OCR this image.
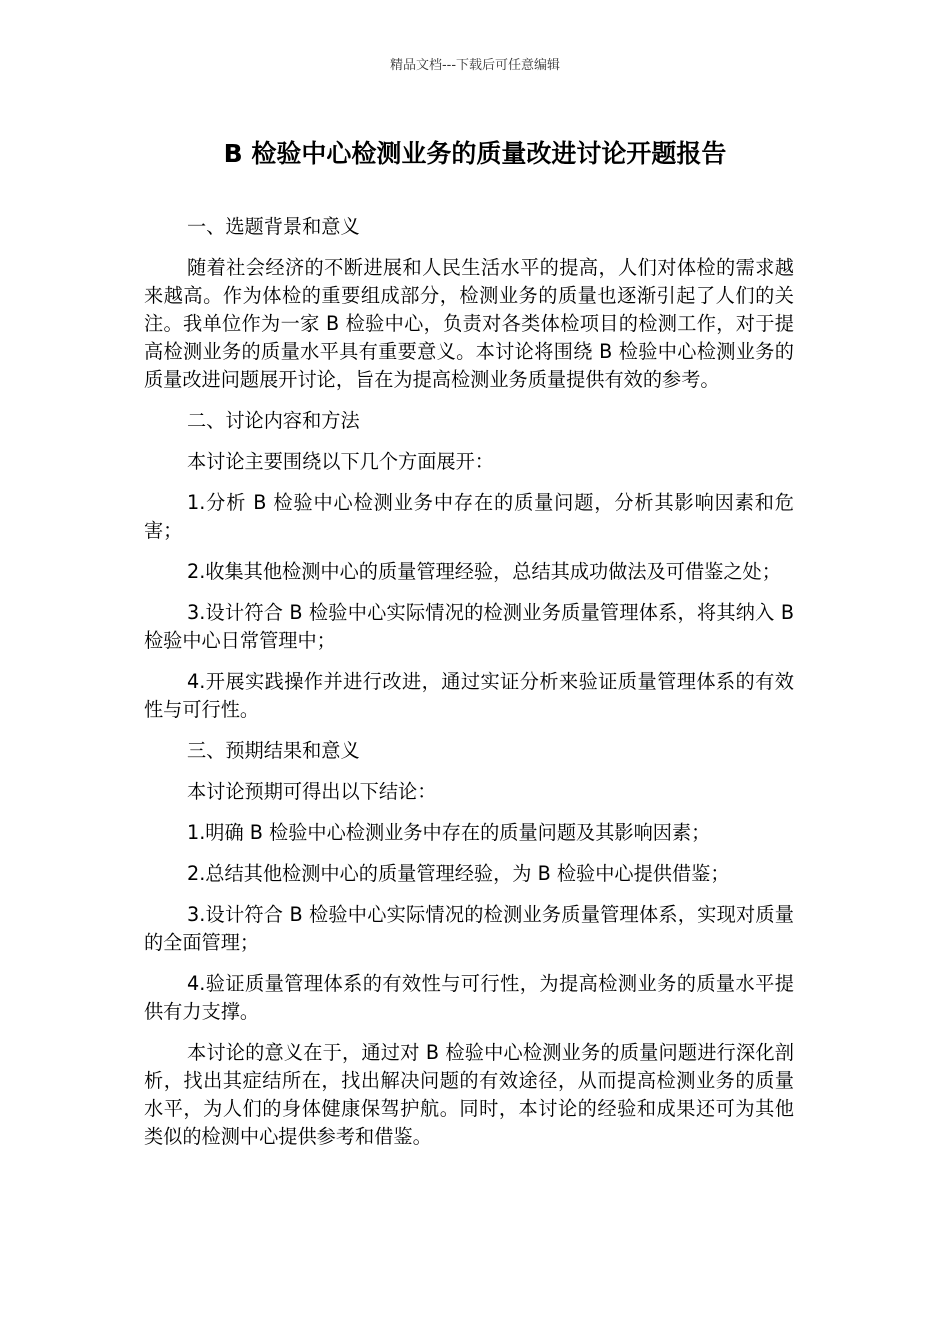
精品文档---下载后可任意编辑
B 检验中心检测业务的质量改进讨论开题报告

一、选题背景和意义

随着社会经济的不断进展和人民生活水平的提高，人们对体检的需求越来越高。作为体检的重要组成部分，检测业务的质量也逐渐引起了人们的关注。我单位作为一家 B 检验中心，负责对各类体检项目的检测工作，对于提高检测业务的质量水平具有重要意义。本讨论将围绕 B 检验中心检测业务的质量改进问题展开讨论，旨在为提高检测业务质量提供有效的参考。

二、讨论内容和方法

本讨论主要围绕以下几个方面展开：

1.分析 B 检验中心检测业务中存在的质量问题，分析其影响因素和危害；

2.收集其他检测中心的质量管理经验，总结其成功做法及可借鉴之处；

3.设计符合 B 检验中心实际情况的检测业务质量管理体系，将其纳入 B 检验中心日常管理中；

4.开展实践操作并进行改进，通过实证分析来验证质量管理体系的有效性与可行性。

三、预期结果和意义

本讨论预期可得出以下结论：

1.明确 B 检验中心检测业务中存在的质量问题及其影响因素；

2.总结其他检测中心的质量管理经验，为 B 检验中心提供借鉴；

3.设计符合 B 检验中心实际情况的检测业务质量管理体系，实现对质量的全面管理；

4.验证质量管理体系的有效性与可行性，为提高检测业务的质量水平提供有力支撑。

本讨论的意义在于，通过对 B 检验中心检测业务的质量问题进行深化剖析，找出其症结所在，找出解决问题的有效途径，从而提高检测业务的质量水平，为人们的身体健康保驾护航。同时，本讨论的经验和成果还可为其他类似的检测中心提供参考和借鉴。
